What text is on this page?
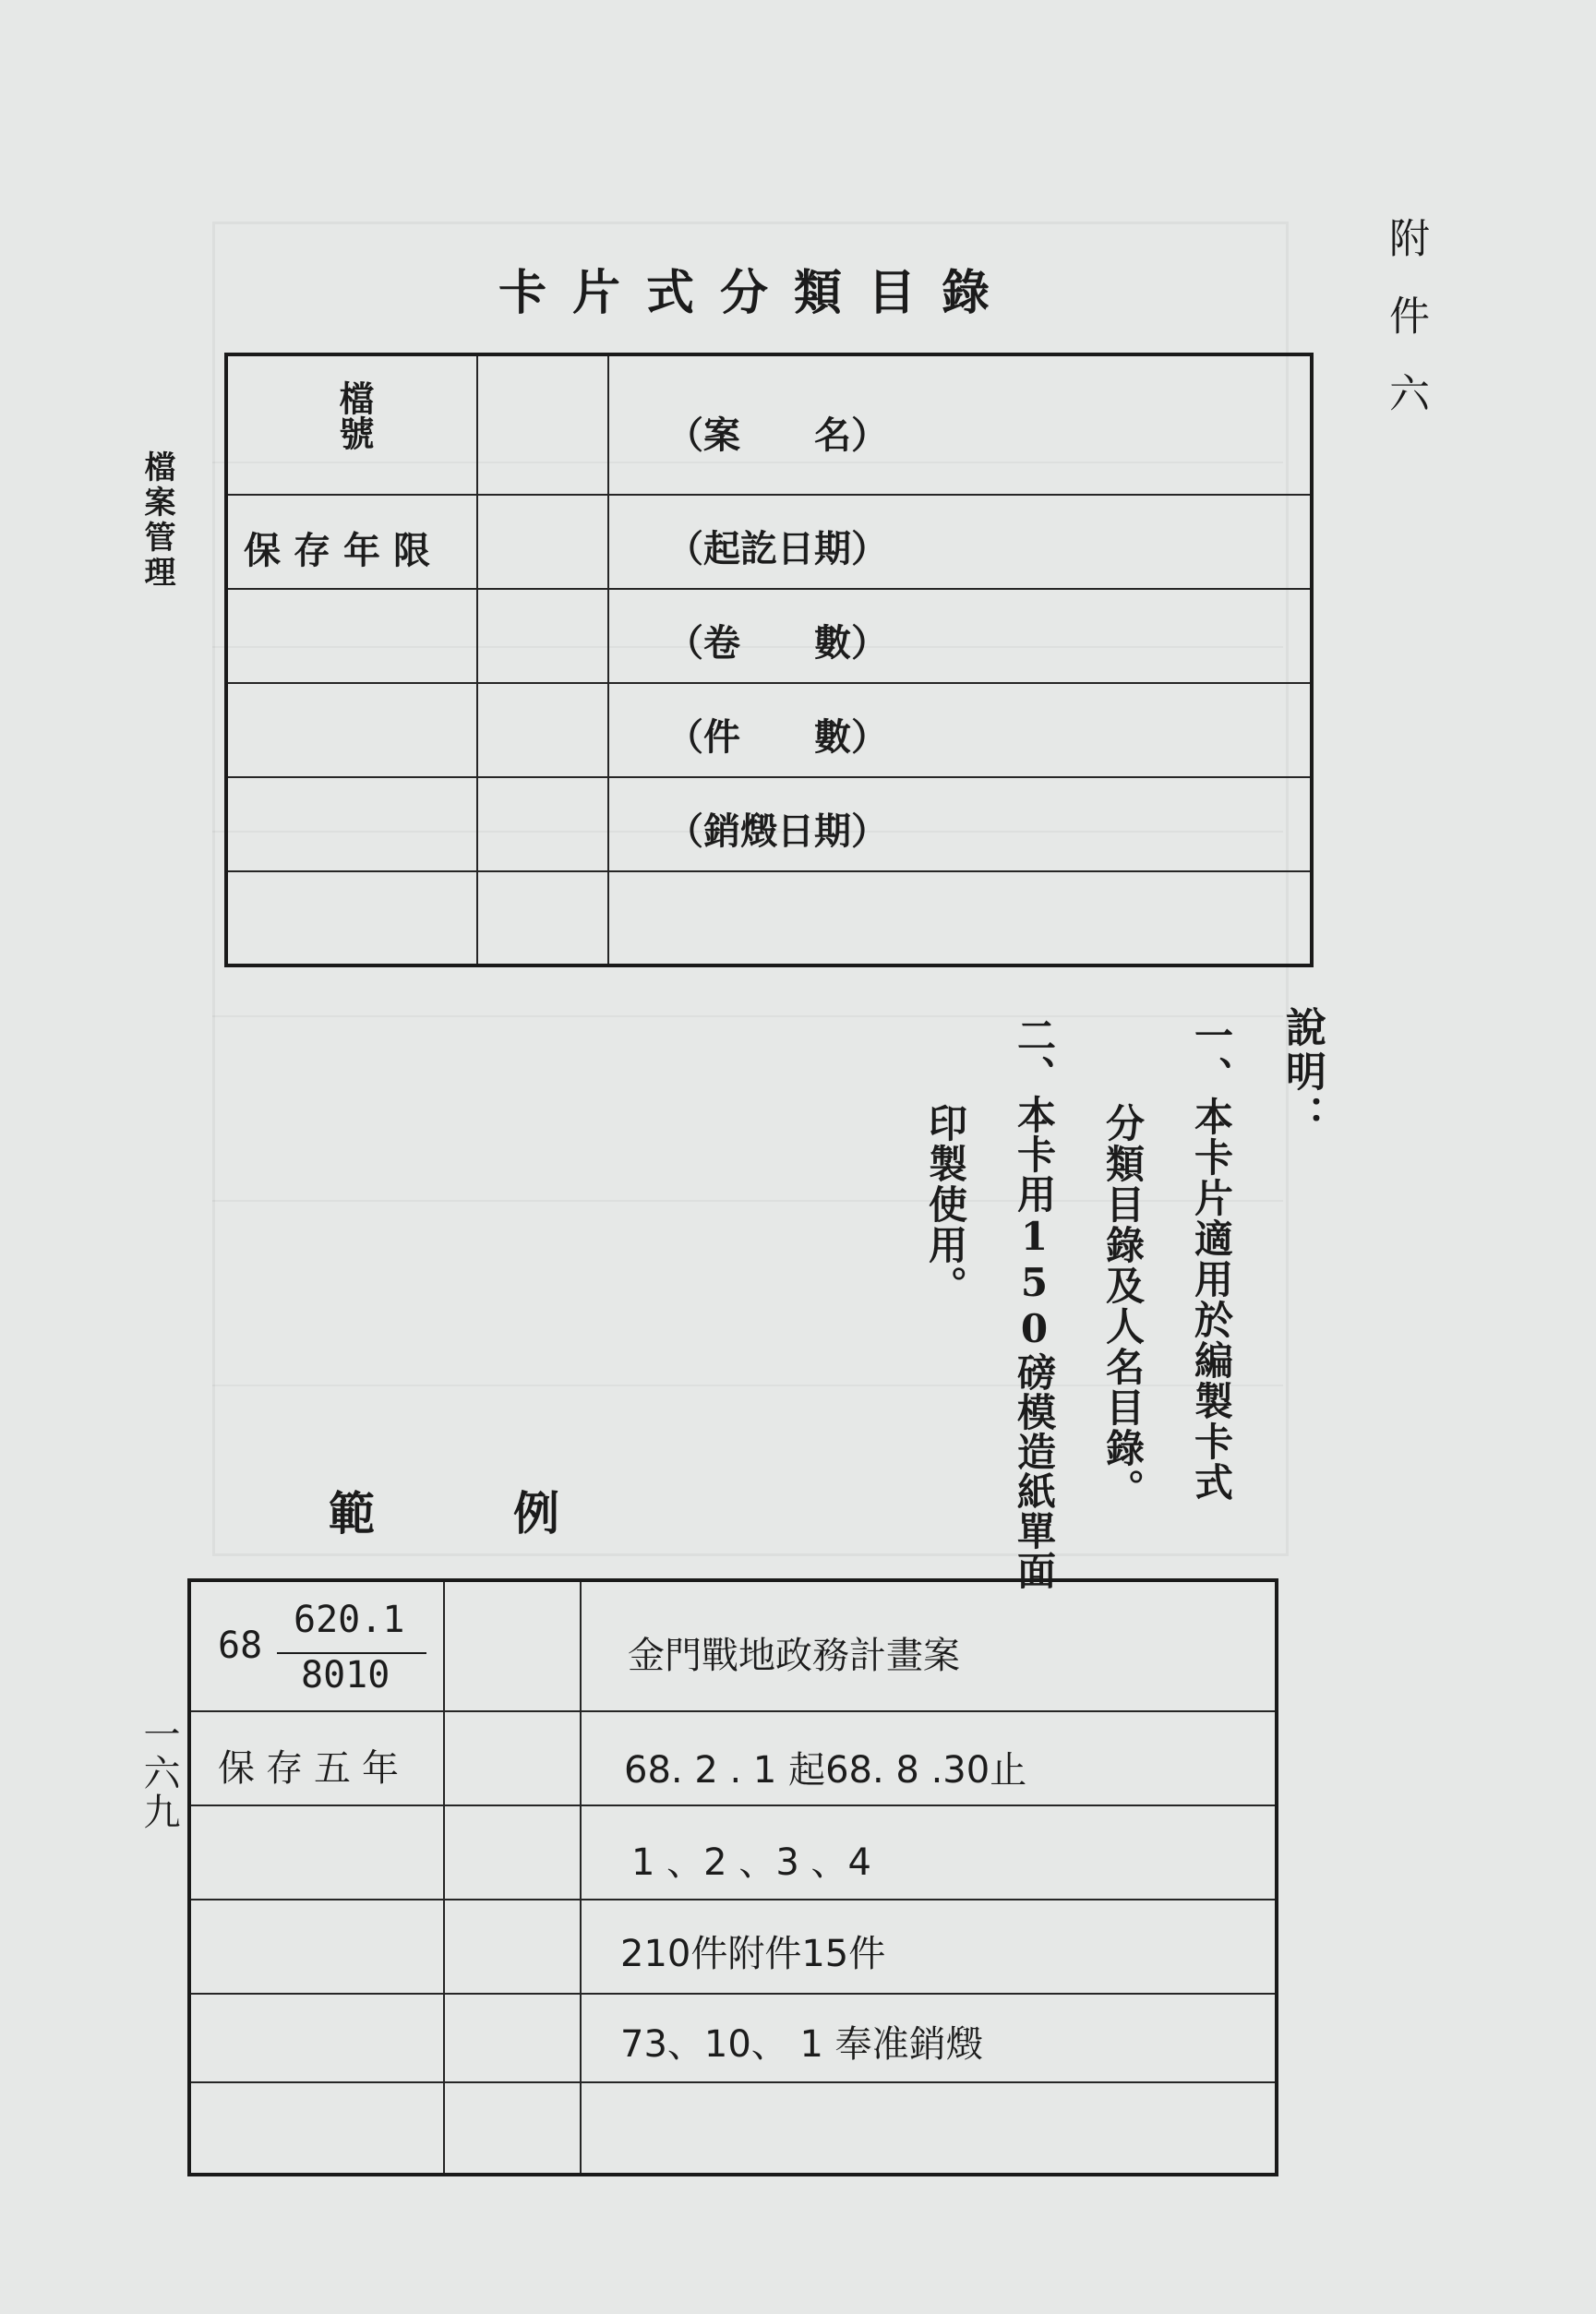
附件六
檔案管理
一六九
卡片式分類目錄
檔號
保存年限
（案　　名）
（起訖日期）
（卷　　數）
（件　　數）
（銷燬日期）
說明：
一、本卡片適用於編製卡式
分類目錄及人名目錄。
二、本卡用150磅模造紙單面
印製使用。
範　　　例
68
620.1
8010
保存五年
金門戰地政務計畫案
68. 2 . 1 起68. 8 .30止
1 、2 、3 、4
210件附件15件
73、10、 1 奉准銷燬
